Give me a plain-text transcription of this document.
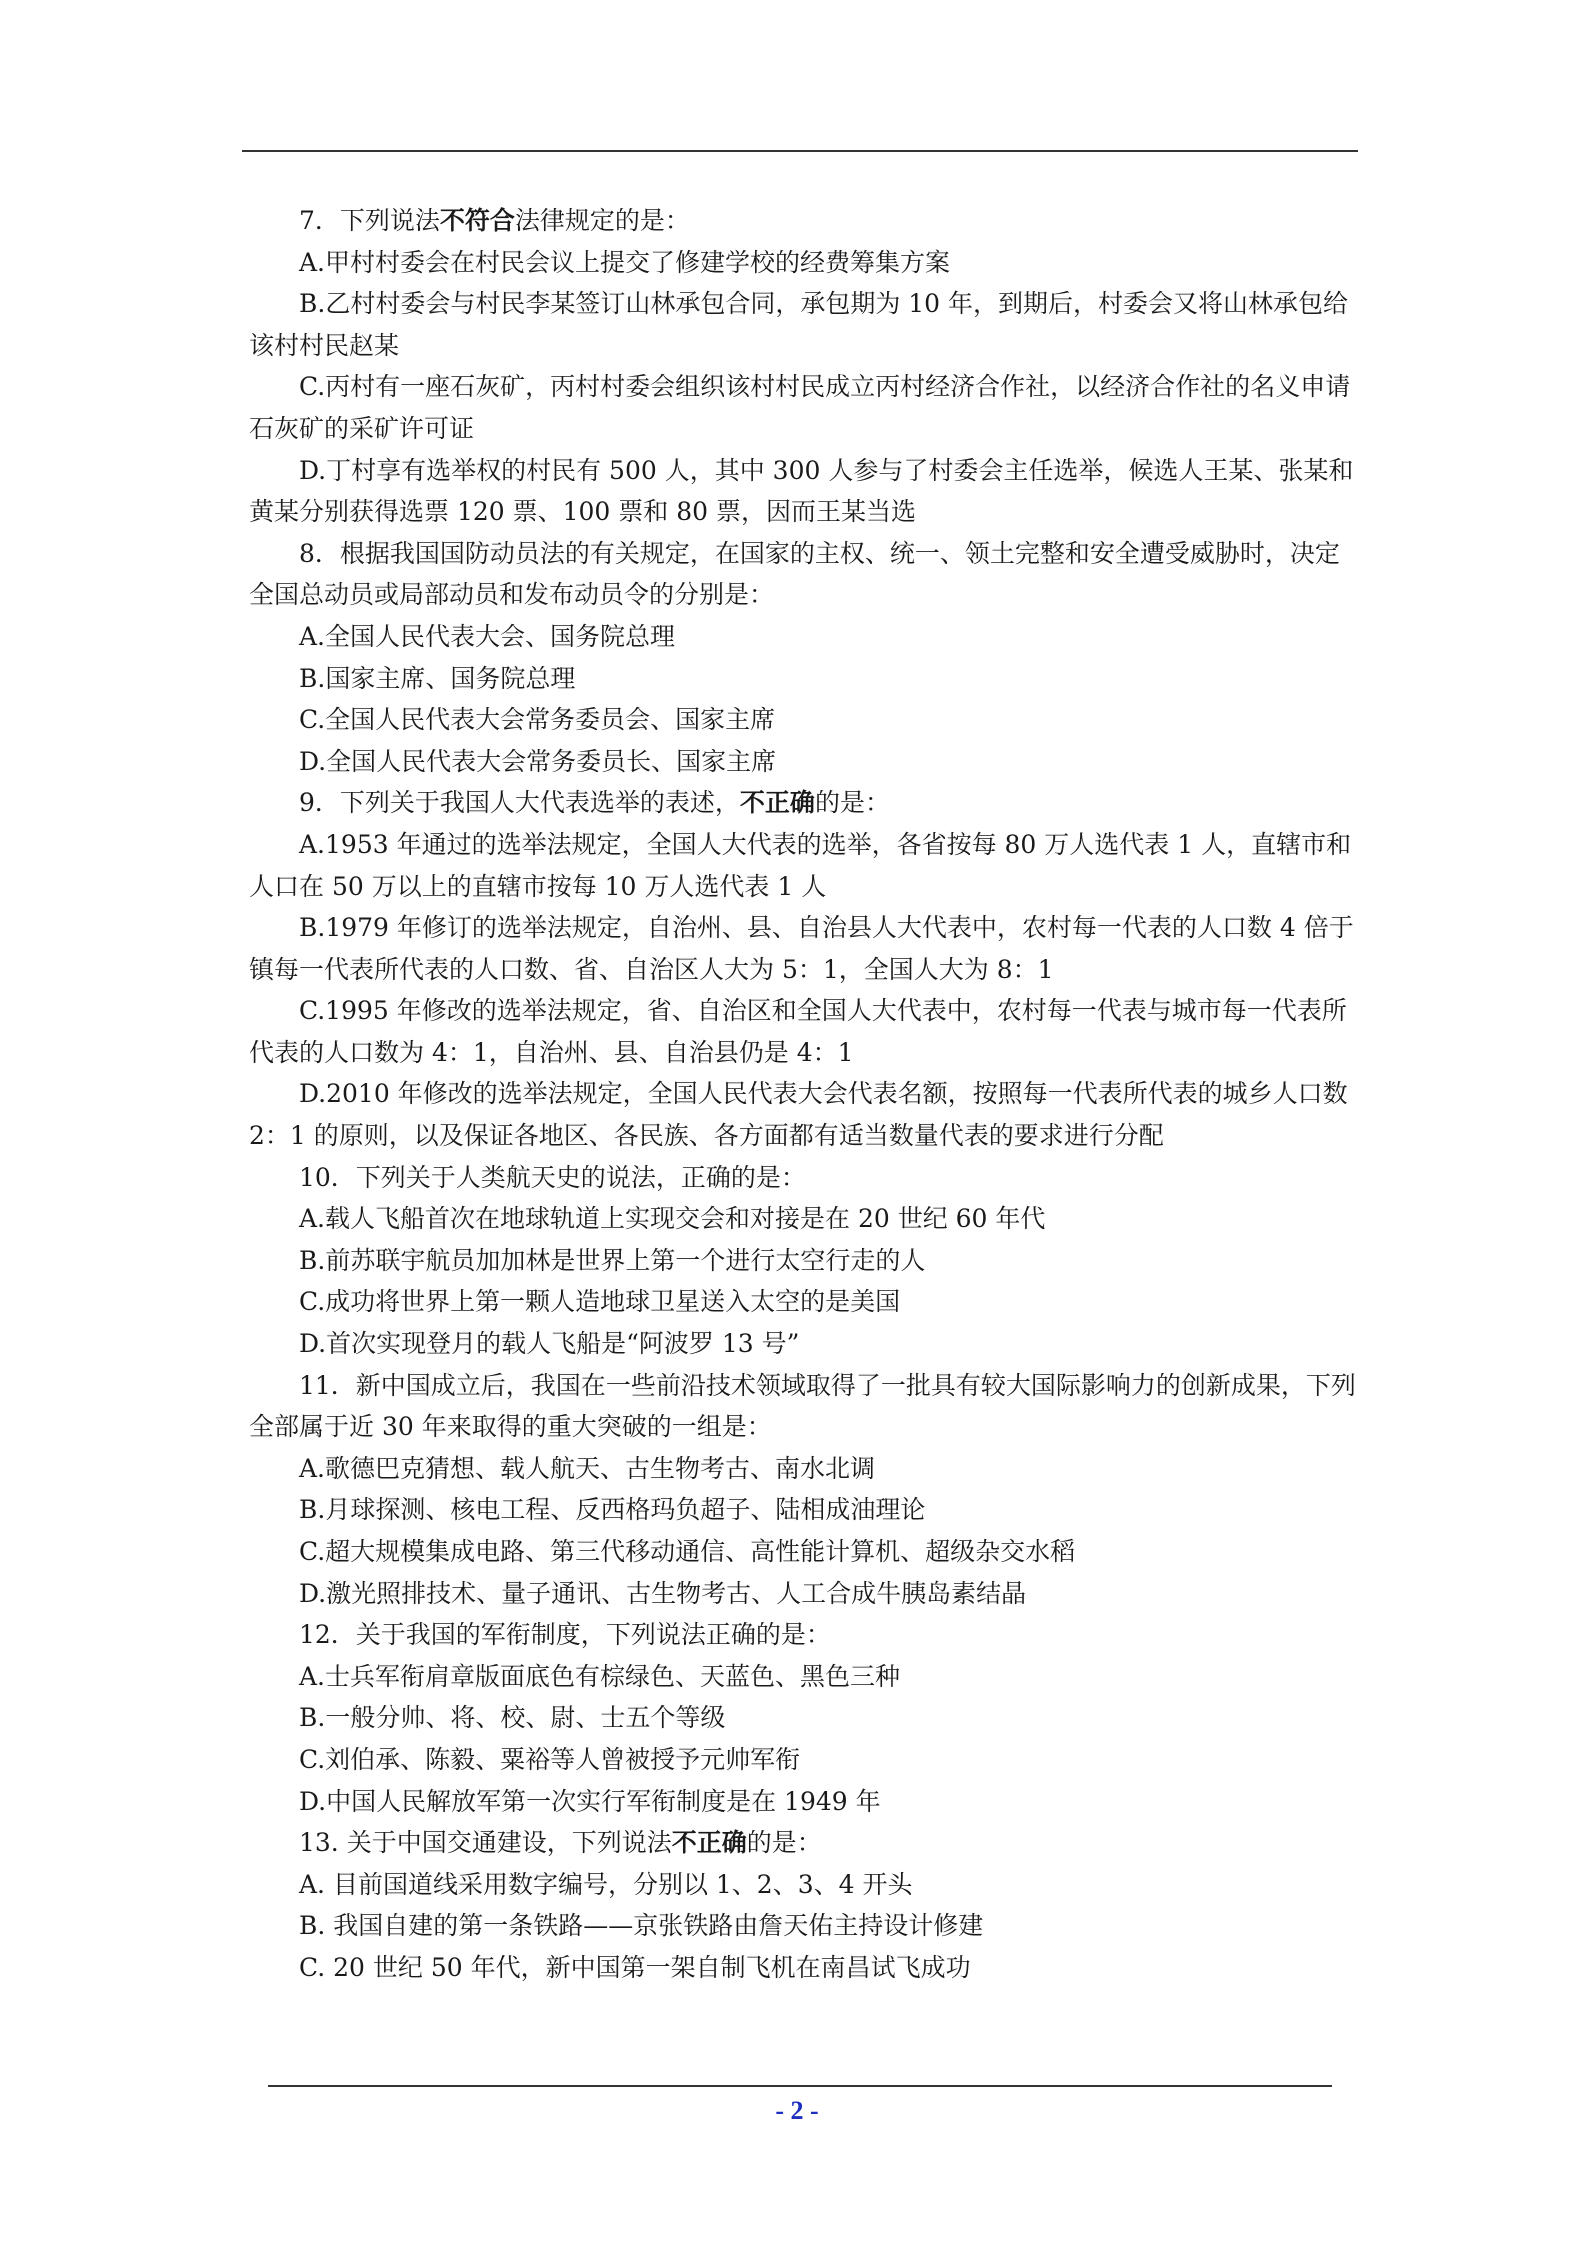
7．下列说法不符合法律规定的是：
A.甲村村委会在村民会议上提交了修建学校的经费筹集方案
B.乙村村委会与村民李某签订山林承包合同，承包期为 10 年，到期后，村委会又将山林承包给该村村民赵某
C.丙村有一座石灰矿，丙村村委会组织该村村民成立丙村经济合作社，以经济合作社的名义申请石灰矿的采矿许可证
D.丁村享有选举权的村民有 500 人，其中 300 人参与了村委会主任选举，候选人王某、张某和黄某分别获得选票 120 票、100 票和 80 票，因而王某当选
8．根据我国国防动员法的有关规定，在国家的主权、统一、领土完整和安全遭受威胁时，决定全国总动员或局部动员和发布动员令的分别是：
A.全国人民代表大会、国务院总理
B.国家主席、国务院总理
C.全国人民代表大会常务委员会、国家主席
D.全国人民代表大会常务委员长、国家主席
9．下列关于我国人大代表选举的表述，不正确的是：
A.1953 年通过的选举法规定，全国人大代表的选举，各省按每 80 万人选代表 1 人，直辖市和人口在 50 万以上的直辖市按每 10 万人选代表 1 人
B.1979 年修订的选举法规定，自治州、县、自治县人大代表中，农村每一代表的人口数 4 倍于镇每一代表所代表的人口数、省、自治区人大为 5：1，全国人大为 8：1
C.1995 年修改的选举法规定，省、自治区和全国人大代表中，农村每一代表与城市每一代表所代表的人口数为 4：1，自治州、县、自治县仍是 4：1
D.2010 年修改的选举法规定，全国人民代表大会代表名额，按照每一代表所代表的城乡人口数 2：1 的原则，以及保证各地区、各民族、各方面都有适当数量代表的要求进行分配
10．下列关于人类航天史的说法，正确的是：
A.载人飞船首次在地球轨道上实现交会和对接是在 20 世纪 60 年代
B.前苏联宇航员加加林是世界上第一个进行太空行走的人
C.成功将世界上第一颗人造地球卫星送入太空的是美国
D.首次实现登月的载人飞船是“阿波罗 13 号”
11．新中国成立后，我国在一些前沿技术领域取得了一批具有较大国际影响力的创新成果，下列全部属于近 30 年来取得的重大突破的一组是：
A.歌德巴克猜想、载人航天、古生物考古、南水北调
B.月球探测、核电工程、反西格玛负超子、陆相成油理论
C.超大规模集成电路、第三代移动通信、高性能计算机、超级杂交水稻
D.激光照排技术、量子通讯、古生物考古、人工合成牛胰岛素结晶
12．关于我国的军衔制度，下列说法正确的是：
A.士兵军衔肩章版面底色有棕绿色、天蓝色、黑色三种
B.一般分帅、将、校、尉、士五个等级
C.刘伯承、陈毅、粟裕等人曾被授予元帅军衔
D.中国人民解放军第一次实行军衔制度是在 1949 年
13. 关于中国交通建设，下列说法不正确的是：
A. 目前国道线采用数字编号，分别以 1、2、3、4 开头
B. 我国自建的第一条铁路——京张铁路由詹天佑主持设计修建
C. 20 世纪 50 年代，新中国第一架自制飞机在南昌试飞成功
- 2 -
